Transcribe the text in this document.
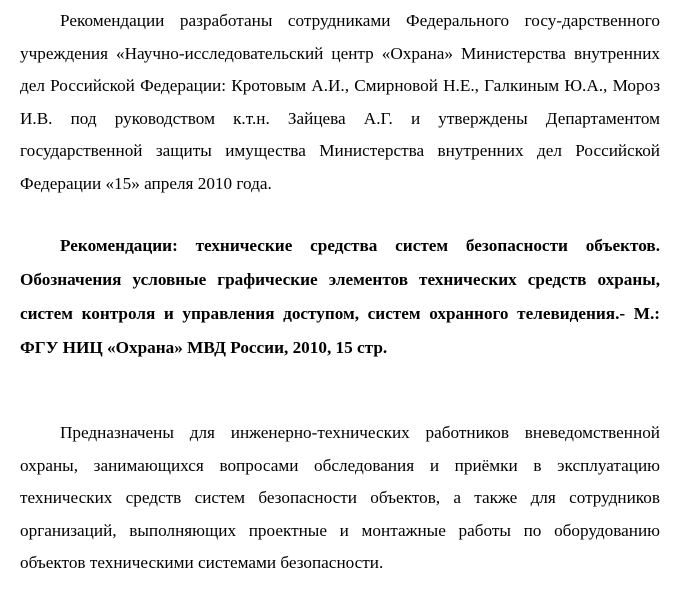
Рекомендации разработаны сотрудниками Федерального госу-дарственного учреждения «Научно-исследовательский центр «Охрана» Министерства внутренних дел Российской Федерации: Кротовым А.И., Смирновой Н.Е., Галкиным Ю.А., Мороз И.В. под руководством к.т.н. Зайцева А.Г. и утверждены Департаментом государственной защиты имущества Министерства внутренних дел Российской Федерации «15» апреля 2010 года.

Рекомендации: технические средства систем безопасности объектов. Обозначения условные графические элементов технических средств охраны, систем контроля и управления доступом, систем охранного телевидения.- М.: ФГУ НИЦ «Охрана» МВД России, 2010, 15 стр.

Предназначены для инженерно-технических работников вневедомственной охраны, занимающихся вопросами обследования и приёмки в эксплуатацию технических средств систем безопасности объектов, а также для сотрудников организаций, выполняющих проектные и монтажные работы по оборудованию объектов техническими системами безопасности.
